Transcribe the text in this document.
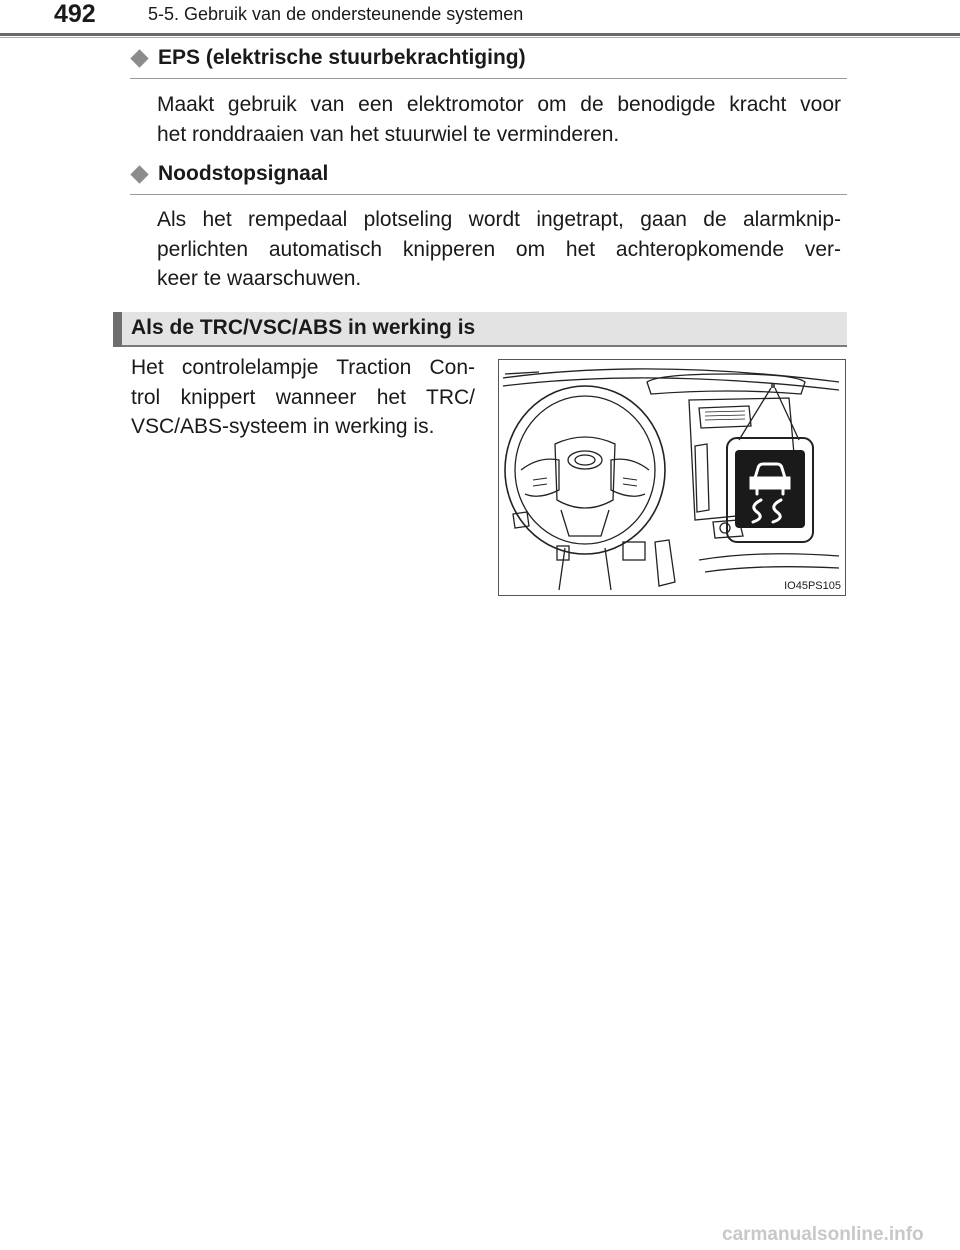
492	5-5. Gebruik van de ondersteunende systemen
EPS (elektrische stuurbekrachtiging)
Maakt gebruik van een elektromotor om de benodigde kracht voor
het ronddraaien van het stuurwiel te verminderen.
Noodstopsignaal
Als het rempedaal plotseling wordt ingetrapt, gaan de alarmknip-
perlichten automatisch knipperen om het achteropkomende ver-
keer te waarschuwen.
Als de TRC/VSC/ABS in werking is
Het controlelampje Traction Con-
trol knippert wanneer het TRC/
VSC/ABS-systeem in werking is.
IO45PS105
carmanualsonline.info
